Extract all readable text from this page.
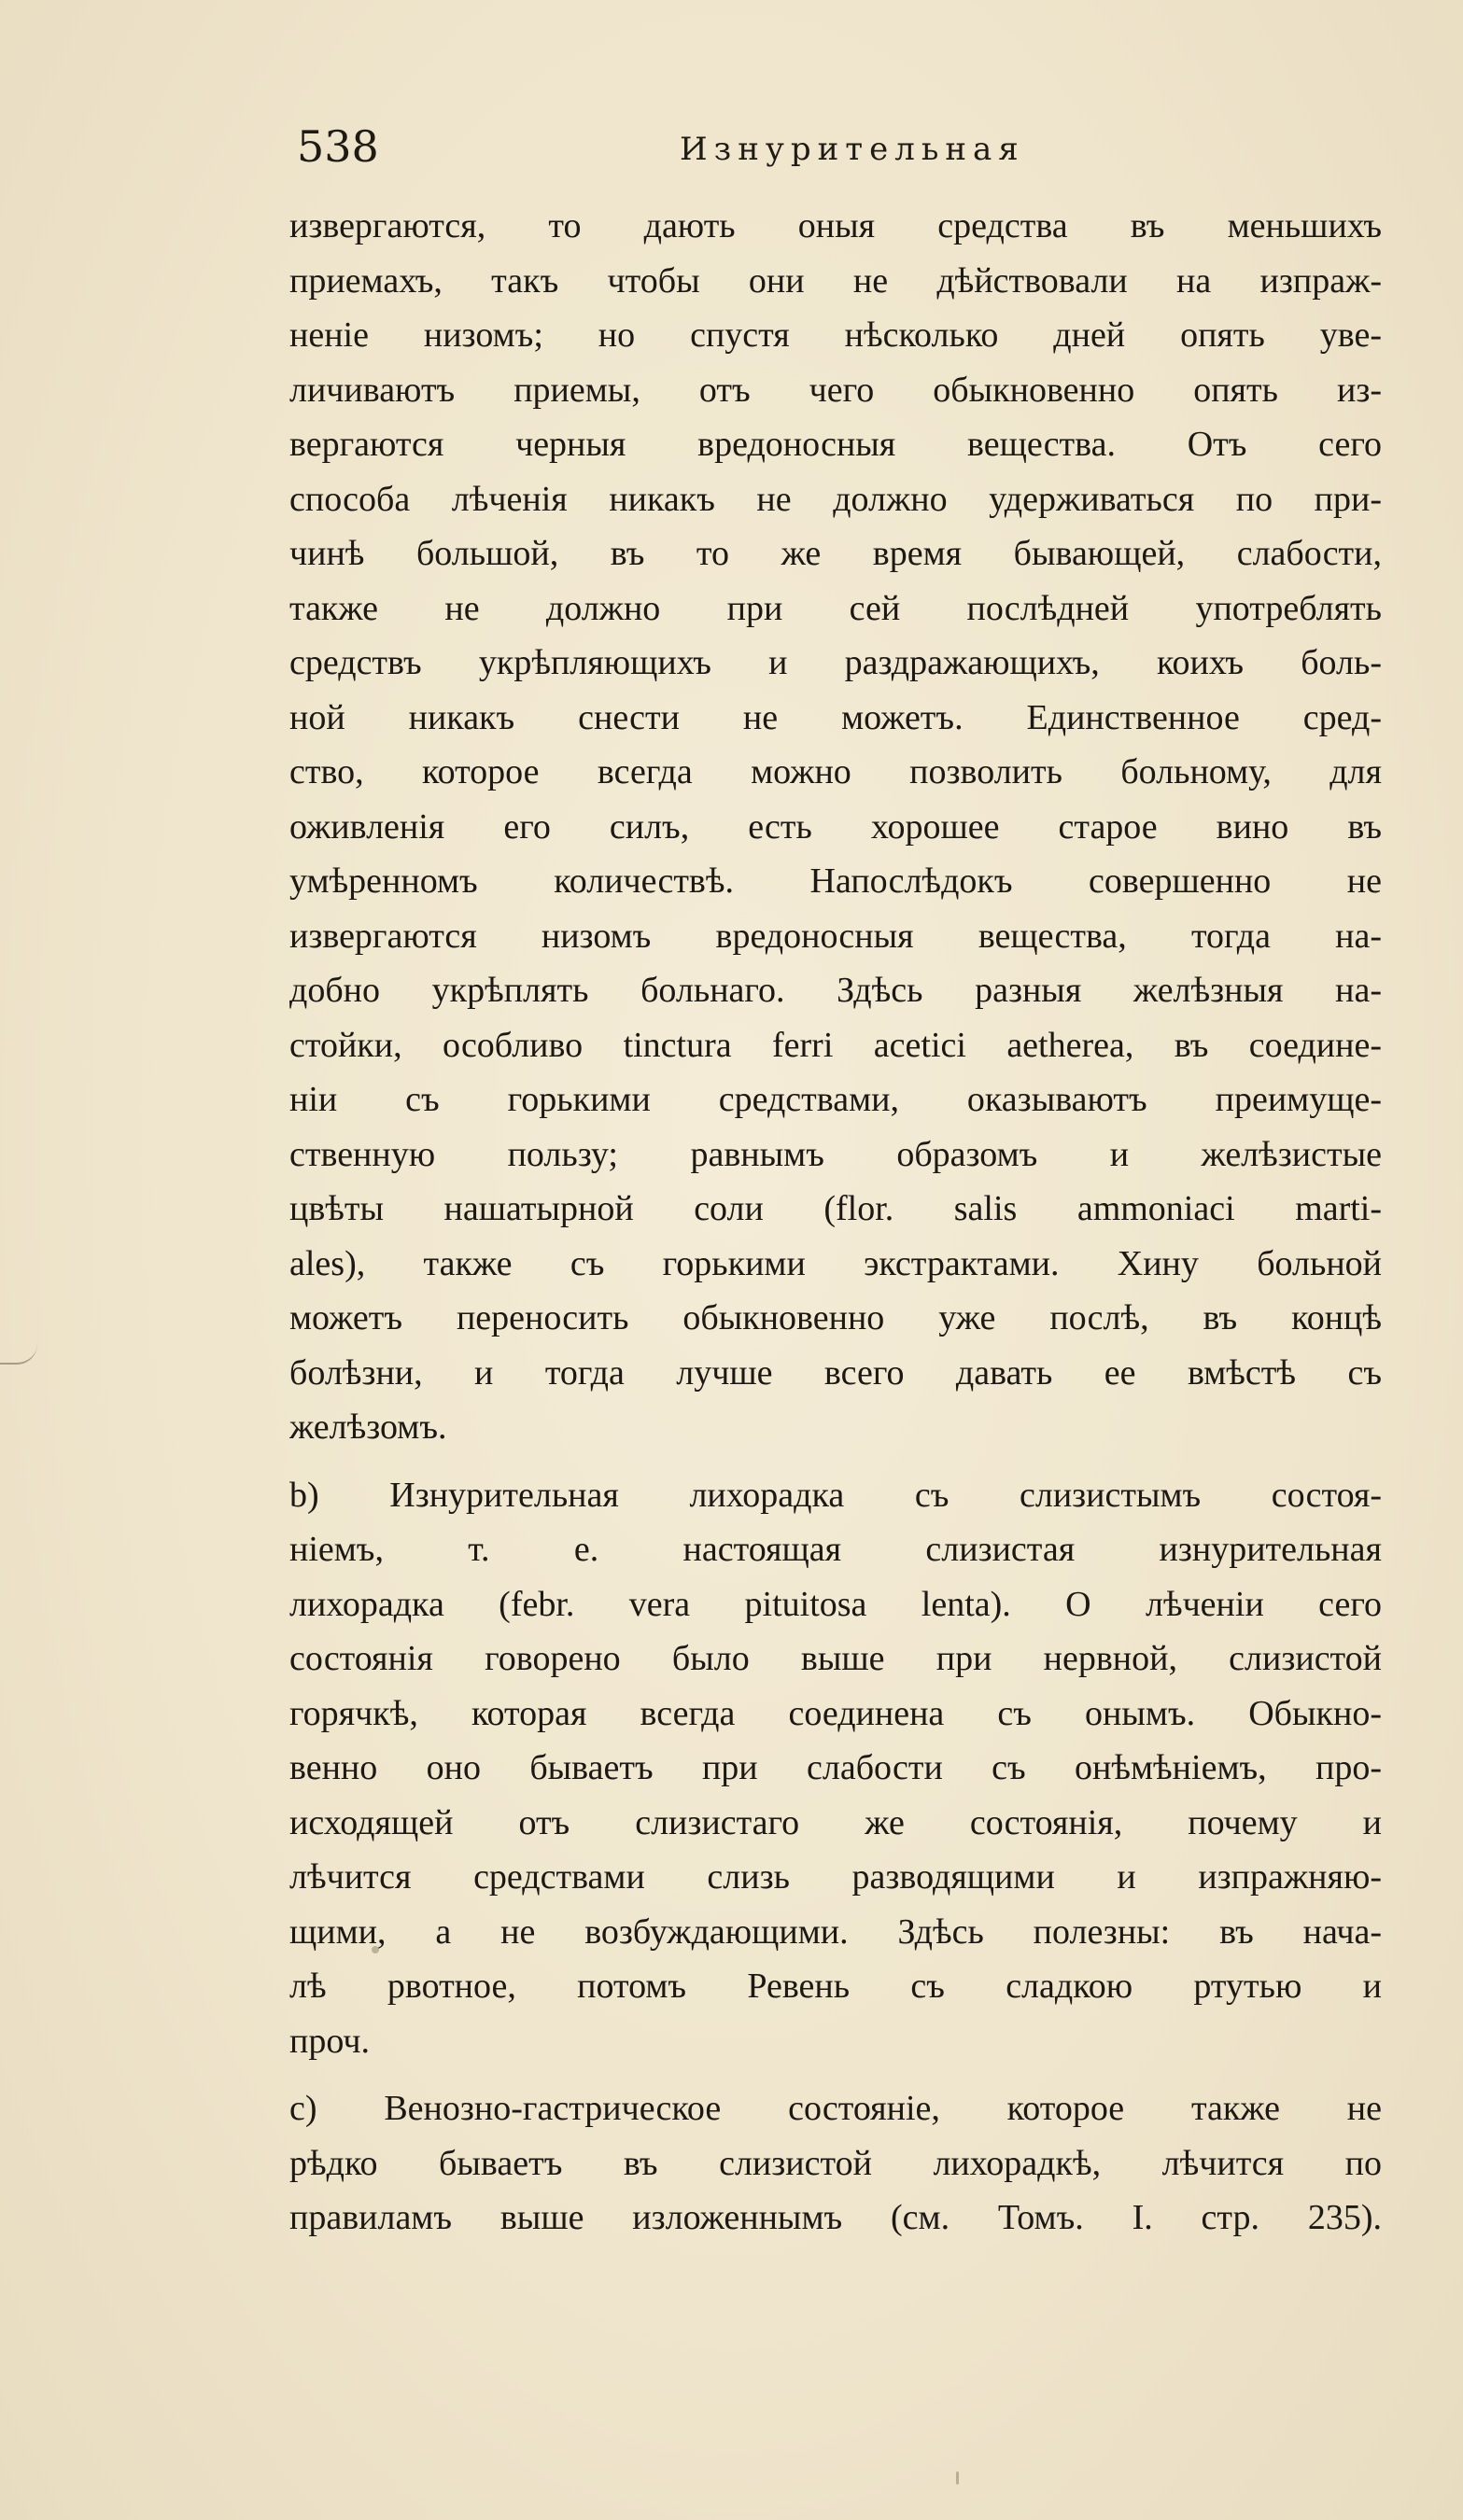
538	Изнурительная
извергаются, то дають оныя средства въ меньшихъ
приемахъ, такъ чтобы они не дѣйствовали на изпраж-
ненiе низомъ; но спустя нѣсколько дней опять уве-
личиваютъ приемы, отъ чего обыкновенно опять из-
вергаются черныя вредоносныя вещества. Отъ сего
способа лѣченiя никакъ не должно удерживаться по при-
чинѣ большой, въ то же время бывающей, слабости,
также не должно при сей послѣдней употреблять
средствъ укрѣпляющихъ и раздражающихъ, коихъ боль-
ной никакъ снести не можетъ. Единственное сред-
ство, которое всегда можно позволить больному, для
оживленiя его силъ, есть хорошее старое вино въ
умѣренномъ количествѣ. Напослѣдокъ совершенно не
извергаются низомъ вредоносныя вещества, тогда на-
добно укрѣплять больнаго. Здѣсь разныя желѣзныя на-
стойки, особливо tinctura ferri acetici aetherea, въ соедине-
нiи съ горькими средствами, оказываютъ преимуще-
ственную пользу; равнымъ образомъ и желѣзистые
цвѣты нашатырной соли (flor. salis ammoniaci marti-
ales), также съ горькими экстрактами. Хину больной
можетъ переносить обыкновенно уже послѣ, въ концѣ
болѣзни, и тогда лучше всего давать ее вмѣстѣ съ
желѣзомъ.
b) Изнурительная лихорадка съ слизистымъ состоя-
нiемъ, т. е. настоящая слизистая изнурительная
лихорадка (febr. vera pituitosa lenta). О лѣченiи сего
состоянiя говорено было выше при нервной, слизистой
горячкѣ, которая всегда соединена съ онымъ. Обыкно-
венно оно бываетъ при слабости съ онѣмѣнiемъ, про-
исходящей отъ слизистаго же состоянiя, почему и
лѣчится средствами слизь разводящими и изпражняю-
щими, а не возбуждающими. Здѣсь полезны: въ нача-
лѣ рвотное, потомъ Ревень съ сладкою ртутью и
проч.
c) Венозно-гастрическое состоянiе, которое также не
рѣдко бываетъ въ слизистой лихорадкѣ, лѣчится по
правиламъ выше изложеннымъ (см. Томъ. I. стр. 235).
